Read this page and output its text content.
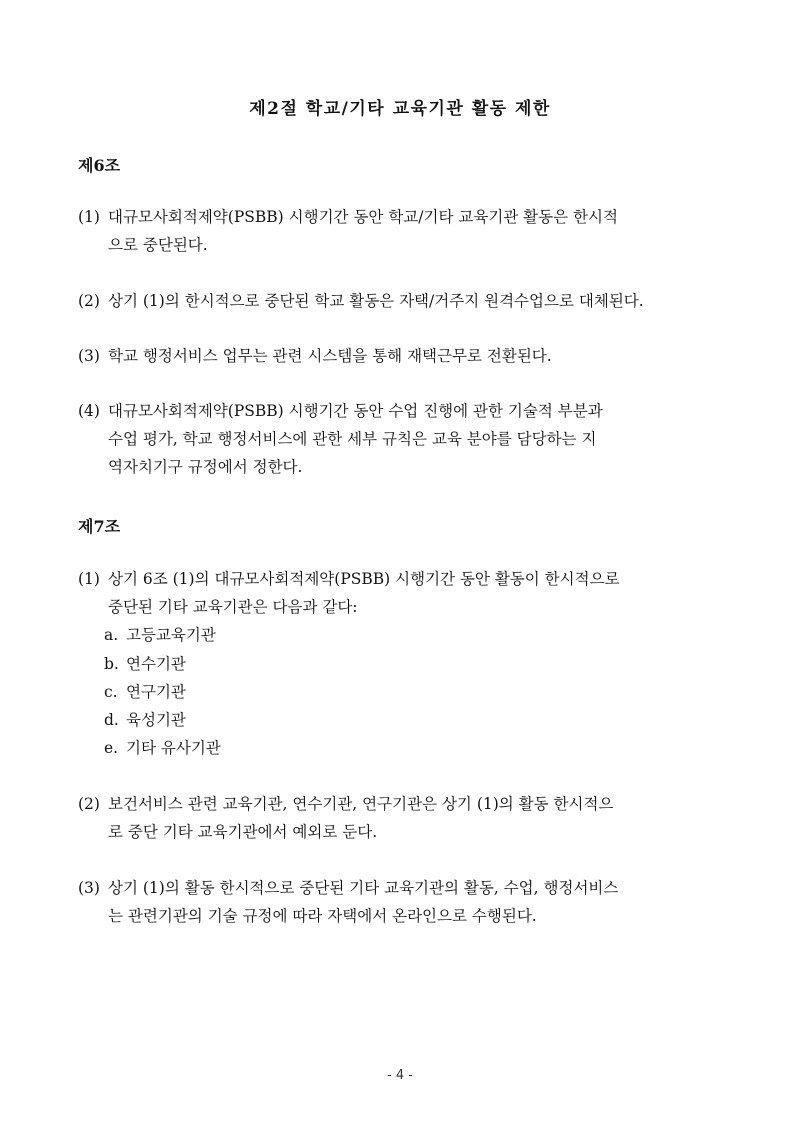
제2절 학교/기타 교육기관 활동 제한
제6조

(1) 대규모사회적제약(PSBB) 시행기간 동안 학교/기타 교육기관 활동은 한시적
으로 중단된다.

(2) 상기 (1)의 한시적으로 중단된 학교 활동은 자택/거주지 원격수업으로 대체된다.

(3) 학교 행정서비스 업무는 관련 시스템을 통해 재택근무로 전환된다.

(4) 대규모사회적제약(PSBB) 시행기간 동안 수업 진행에 관한 기술적 부분과
수업 평가, 학교 행정서비스에 관한 세부 규칙은 교육 분야를 담당하는 지
역자치기구 규정에서 정한다.

제7조

(1) 상기 6조 (1)의 대규모사회적제약(PSBB) 시행기간 동안 활동이 한시적으로
중단된 기타 교육기관은 다음과 같다:

a. 고등교육기관

b. 연수기관

c. 연구기관

d. 육성기관

e. 기타 유사기관

(2) 보건서비스 관련 교육기관, 연수기관, 연구기관은 상기 (1)의 활동 한시적으
로 중단 기타 교육기관에서 예외로 둔다.

(3) 상기 (1)의 활동 한시적으로 중단된 기타 교육기관의 활동, 수업, 행정서비스
는 관련기관의 기술 규정에 따라 자택에서 온라인으로 수행된다.

- 4 -
